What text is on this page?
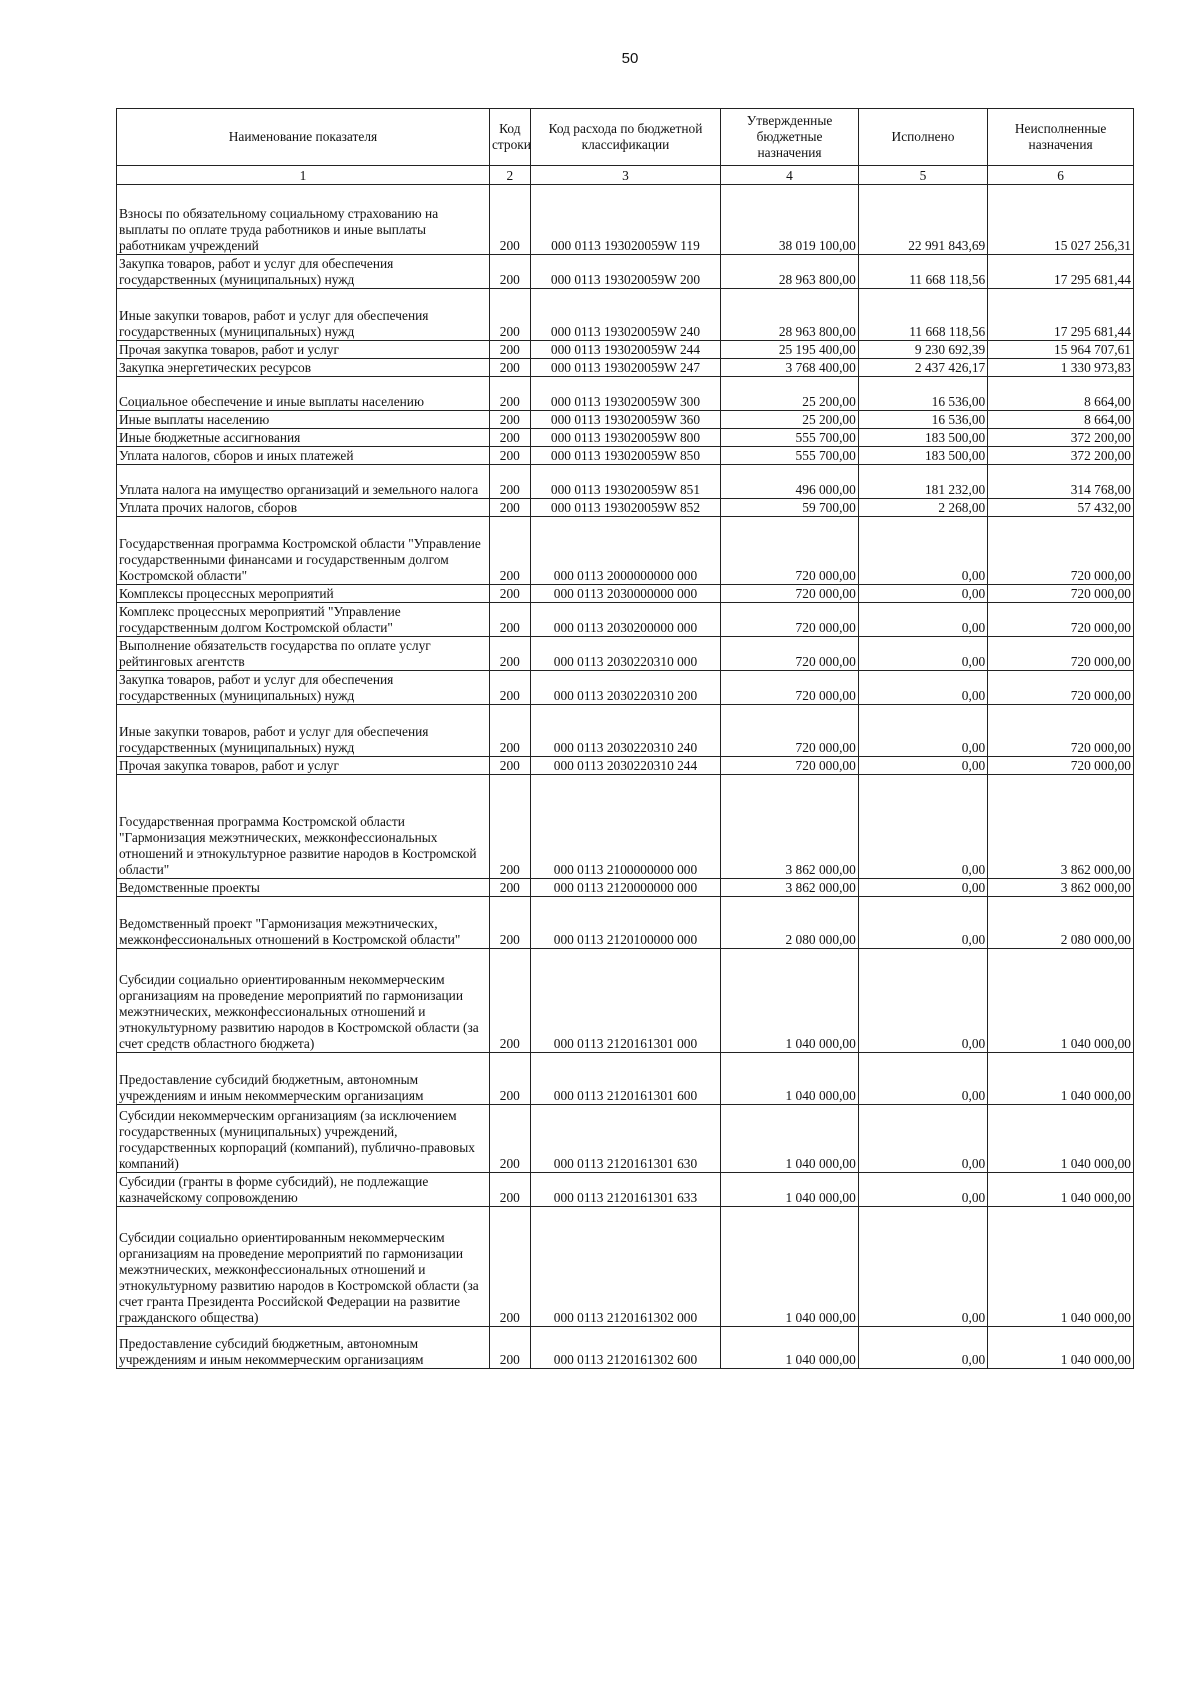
50
Наименование показателя	Код строки	Код расхода по бюджетной классификации	Утвержденные бюджетные назначения	Исполнено	Неисполненные назначения
1	2	3	4	5	6
Взносы по обязательному социальному страхованию на выплаты по оплате труда работников и иные выплаты работникам учреждений	200	000 0113 193020059W 119	38 019 100,00	22 991 843,69	15 027 256,31
Закупка товаров, работ и услуг для обеспечения государственных (муниципальных) нужд	200	000 0113 193020059W 200	28 963 800,00	11 668 118,56	17 295 681,44
Иные закупки товаров, работ и услуг для обеспечения государственных (муниципальных) нужд	200	000 0113 193020059W 240	28 963 800,00	11 668 118,56	17 295 681,44
Прочая закупка товаров, работ и услуг	200	000 0113 193020059W 244	25 195 400,00	9 230 692,39	15 964 707,61
Закупка энергетических ресурсов	200	000 0113 193020059W 247	3 768 400,00	2 437 426,17	1 330 973,83
Социальное обеспечение и иные выплаты населению	200	000 0113 193020059W 300	25 200,00	16 536,00	8 664,00
Иные выплаты населению	200	000 0113 193020059W 360	25 200,00	16 536,00	8 664,00
Иные бюджетные ассигнования	200	000 0113 193020059W 800	555 700,00	183 500,00	372 200,00
Уплата налогов, сборов и иных платежей	200	000 0113 193020059W 850	555 700,00	183 500,00	372 200,00
Уплата налога на имущество организаций и земельного налога	200	000 0113 193020059W 851	496 000,00	181 232,00	314 768,00
Уплата прочих налогов, сборов	200	000 0113 193020059W 852	59 700,00	2 268,00	57 432,00
Государственная программа Костромской области "Управление государственными финансами и государственным долгом Костромской области"	200	000 0113 2000000000 000	720 000,00	0,00	720 000,00
Комплексы процессных мероприятий	200	000 0113 2030000000 000	720 000,00	0,00	720 000,00
Комплекс процессных мероприятий "Управление государственным долгом Костромской области"	200	000 0113 2030200000 000	720 000,00	0,00	720 000,00
Выполнение обязательств государства по оплате услуг рейтинговых агентств	200	000 0113 2030220310 000	720 000,00	0,00	720 000,00
Закупка товаров, работ и услуг для обеспечения государственных (муниципальных) нужд	200	000 0113 2030220310 200	720 000,00	0,00	720 000,00
Иные закупки товаров, работ и услуг для обеспечения государственных (муниципальных) нужд	200	000 0113 2030220310 240	720 000,00	0,00	720 000,00
Прочая закупка товаров, работ и услуг	200	000 0113 2030220310 244	720 000,00	0,00	720 000,00
Государственная программа Костромской области "Гармонизация межэтнических, межконфессиональных отношений и этнокультурное развитие народов в Костромской области"	200	000 0113 2100000000 000	3 862 000,00	0,00	3 862 000,00
Ведомственные проекты	200	000 0113 2120000000 000	3 862 000,00	0,00	3 862 000,00
Ведомственный проект "Гармонизация межэтнических, межконфессиональных отношений в Костромской области"	200	000 0113 2120100000 000	2 080 000,00	0,00	2 080 000,00
Субсидии социально ориентированным некоммерческим организациям на проведение мероприятий по гармонизации межэтнических, межконфессиональных отношений и этнокультурному развитию народов в Костромской области (за счет средств областного бюджета)	200	000 0113 2120161301 000	1 040 000,00	0,00	1 040 000,00
Предоставление субсидий бюджетным, автономным учреждениям и иным некоммерческим организациям	200	000 0113 2120161301 600	1 040 000,00	0,00	1 040 000,00
Субсидии некоммерческим организациям (за исключением государственных (муниципальных) учреждений, государственных корпораций (компаний), публично-правовых компаний)	200	000 0113 2120161301 630	1 040 000,00	0,00	1 040 000,00
Субсидии (гранты в форме субсидий), не подлежащие казначейскому сопровождению	200	000 0113 2120161301 633	1 040 000,00	0,00	1 040 000,00
Субсидии социально ориентированным некоммерческим организациям на проведение мероприятий по гармонизации межэтнических, межконфессиональных отношений и этнокультурному развитию народов в Костромской области (за счет гранта Президента Российской Федерации на развитие гражданского общества)	200	000 0113 2120161302 000	1 040 000,00	0,00	1 040 000,00
Предоставление субсидий бюджетным, автономным учреждениям и иным некоммерческим организациям	200	000 0113 2120161302 600	1 040 000,00	0,00	1 040 000,00
